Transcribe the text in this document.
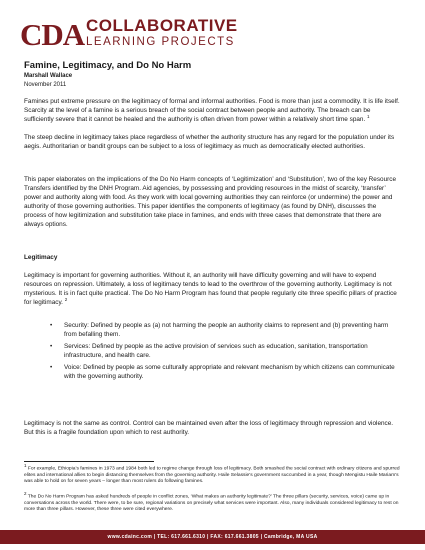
CDA COLLABORATIVE
LEARNING PROJECTS
Famine, Legitimacy, and Do No Harm
Marshall Wallace
November 2011

Famines put extreme pressure on the legitimacy of formal and informal authorities. Food is more than just a commodity. It is life itself. Scarcity at the level of a famine is a serious breach of the social contract between people and authority. The breach can be sufficiently severe that it cannot be healed and the authority is often driven from power within a relatively short time span. $^1$

The steep decline in legitimacy takes place regardless of whether the authority structure has any regard for the population under its aegis. Authoritarian or bandit groups can be subject to a loss of legitimacy as much as democratically elected authorities.

This paper elaborates on the implications of the Do No Harm concepts of ‘Legitimization’ and ‘Substitution’, two of the key Resource Transfers identified by the DNH Program. Aid agencies, by possessing and providing resources in the midst of scarcity, ‘transfer’ power and authority along with food. As they work with local governing authorities they can reinforce (or undermine) the power and authority of those governing authorities. This paper identifies the components of legitimacy (as found by DNH), discusses the process of how legitimization and substitution take place in famines, and ends with three cases that demonstrate that there are always options.

Legitimacy

Legitimacy is important for governing authorities. Without it, an authority will have difficulty governing and will have to expend resources on repression. Ultimately, a loss of legitimacy tends to lead to the overthrow of the governing authority. Legitimacy is not mysterious. It is in fact quite practical. The Do No Harm Program has found that people regularly cite three specific pillars of practice for legitimacy. $^2$

• Security: Defined by people as (a) not harming the people an authority claims to represent and (b) preventing harm from befalling them.
• Services: Defined by people as the active provision of services such as education, sanitation, transportation infrastructure, and health care.
• Voice: Defined by people as some culturally appropriate and relevant mechanism by which citizens can communicate with the governing authority.

Legitimacy is not the same as control. Control can be maintained even after the loss of legitimacy through repression and violence. But this is a fragile foundation upon which to rest authority.

1 For example, Ethiopia’s famines in 1973 and 1984 both led to regime change through loss of legitimacy. Both smashed the social contract with ordinary citizens and spurred elites and international allies to begin distancing themselves from the governing authority. Haile Selassie’s government succumbed in a year, though Mengistu Haile Mariam’s was able to hold on for seven years – longer than most rulers do following famines.

2 The Do No Harm Program has asked hundreds of people in conflict zones, ‘What makes an authority legitimate?’ The three pillars (security, services, voice) came up in conversations across the world. There were, to be sure, regional variations on precisely what services were important. Also, many individuals considered legitimacy to rest on more than three pillars. However, these three were cited everywhere.

www.cdainc.com | TEL: 617.661.6310 | FAX: 617.661.3805 | Cambridge, MA USA
